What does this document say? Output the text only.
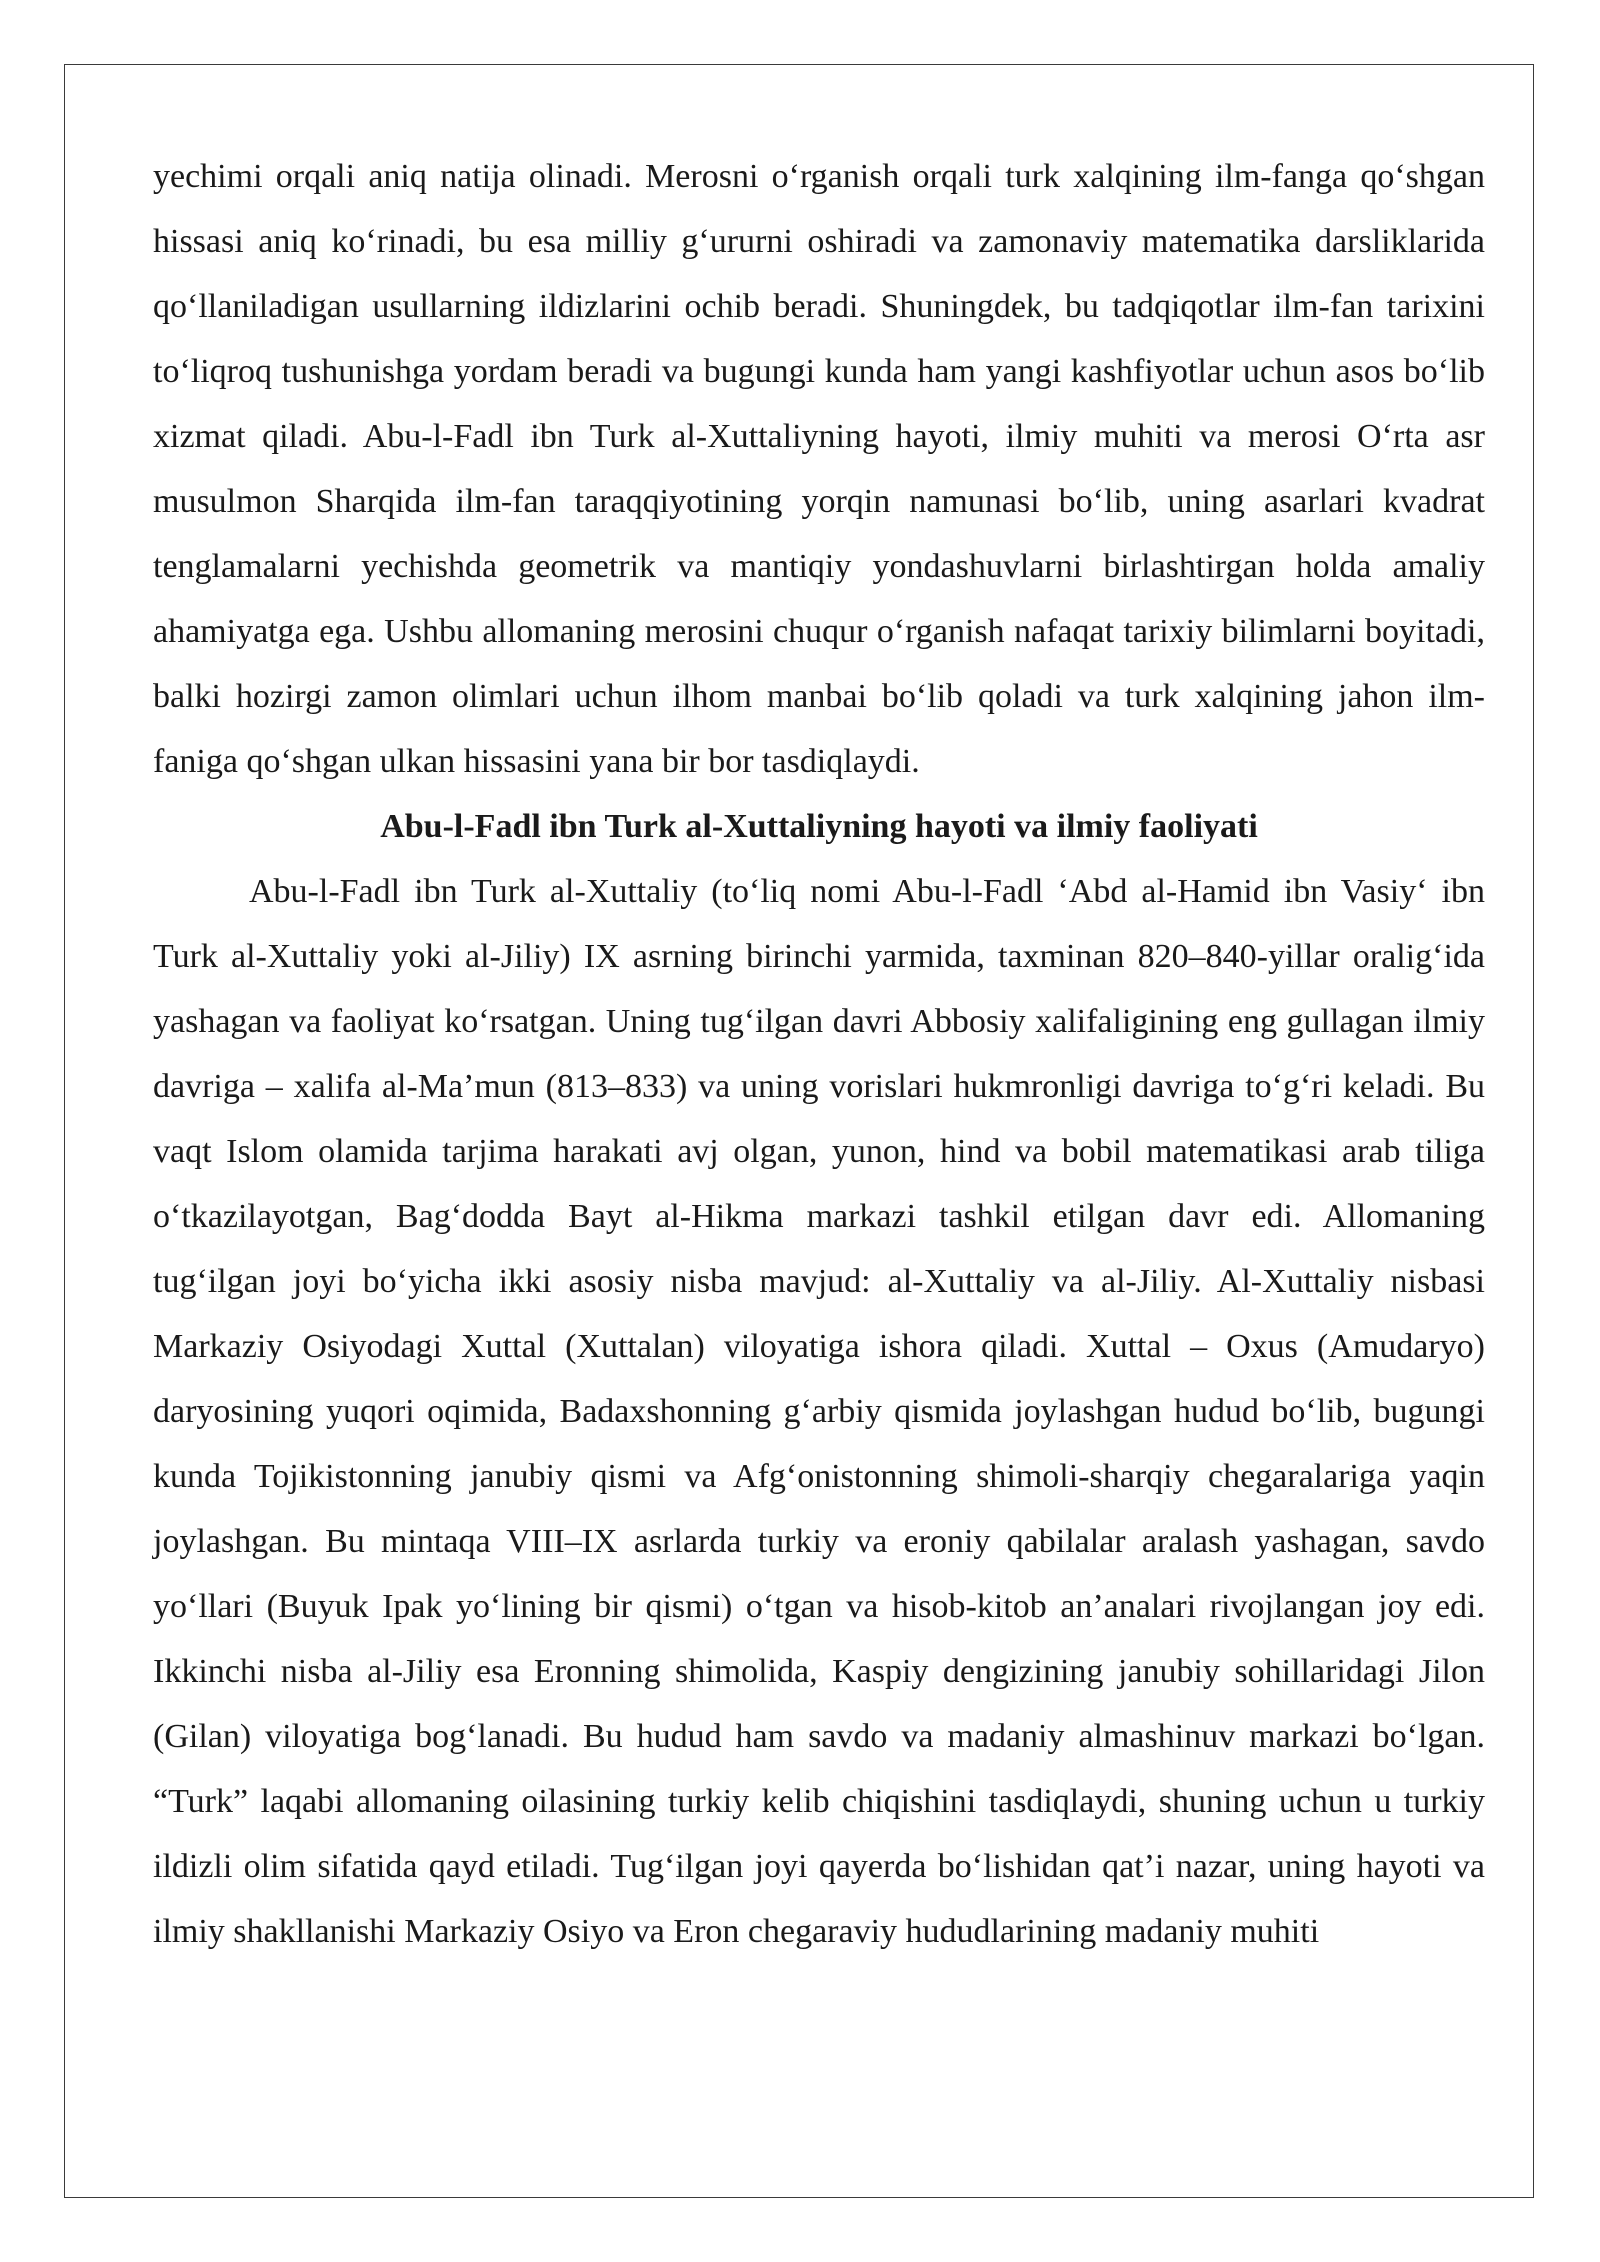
yechimi orqali aniq natija olinadi. Merosni o‘rganish orqali turk xalqining ilm-fanga qo‘shgan hissasi aniq ko‘rinadi, bu esa milliy g‘ururni oshiradi va zamonaviy matematika darsliklarida qo‘llaniladigan usullarning ildizlarini ochib beradi. Shuningdek, bu tadqiqotlar ilm-fan tarixini to‘liqroq tushunishga yordam beradi va bugungi kunda ham yangi kashfiyotlar uchun asos bo‘lib xizmat qiladi. Abu-l-Fadl ibn Turk al-Xuttaliyning hayoti, ilmiy muhiti va merosi O‘rta asr musulmon Sharqida ilm-fan taraqqiyotining yorqin namunasi bo‘lib, uning asarlari kvadrat tenglamalarni yechishda geometrik va mantiqiy yondashuvlarni birlashtirgan holda amaliy ahamiyatga ega. Ushbu allomaning merosini chuqur o‘rganish nafaqat tarixiy bilimlarni boyitadi, balki hozirgi zamon olimlari uchun ilhom manbai bo‘lib qoladi va turk xalqining jahon ilm-faniga qo‘shgan ulkan hissasini yana bir bor tasdiqlaydi.

Abu-l-Fadl ibn Turk al-Xuttaliyning hayoti va ilmiy faoliyati

Abu-l-Fadl ibn Turk al-Xuttaliy (to‘liq nomi Abu-l-Fadl ‘Abd al-Hamid ibn Vasiy‘ ibn Turk al-Xuttaliy yoki al-Jiliy) IX asrning birinchi yarmida, taxminan 820–840-yillar oralig‘ida yashagan va faoliyat ko‘rsatgan. Uning tug‘ilgan davri Abbosiy xalifaligining eng gullagan ilmiy davriga – xalifa al-Ma’mun (813–833) va uning vorislari hukmronligi davriga to‘g‘ri keladi. Bu vaqt Islom olamida tarjima harakati avj olgan, yunon, hind va bobil matematikasi arab tiliga o‘tkazilayotgan, Bag‘dodda Bayt al-Hikma markazi tashkil etilgan davr edi. Allomaning tug‘ilgan joyi bo‘yicha ikki asosiy nisba mavjud: al-Xuttaliy va al-Jiliy. Al-Xuttaliy nisbasi Markaziy Osiyodagi Xuttal (Xuttalan) viloyatiga ishora qiladi. Xuttal – Oxus (Amudaryo) daryosining yuqori oqimida, Badaxshonning g‘arbiy qismida joylashgan hudud bo‘lib, bugungi kunda Tojikistonning janubiy qismi va Afg‘onistonning shimoli-sharqiy chegaralariga yaqin joylashgan. Bu mintaqa VIII–IX asrlarda turkiy va eroniy qabilalar aralash yashagan, savdo yo‘llari (Buyuk Ipak yo‘lining bir qismi) o‘tgan va hisob-kitob an’analari rivojlangan joy edi. Ikkinchi nisba al-Jiliy esa Eronning shimolida, Kaspiy dengizining janubiy sohillaridagi Jilon (Gilan) viloyatiga bog‘lanadi. Bu hudud ham savdo va madaniy almashinuv markazi bo‘lgan. “Turk” laqabi allomaning oilasining turkiy kelib chiqishini tasdiqlaydi, shuning uchun u turkiy ildizli olim sifatida qayd etiladi. Tug‘ilgan joyi qayerda bo‘lishidan qat’i nazar, uning hayoti va ilmiy shakllanishi Markaziy Osiyo va Eron chegaraviy hududlarining madaniy muhiti
